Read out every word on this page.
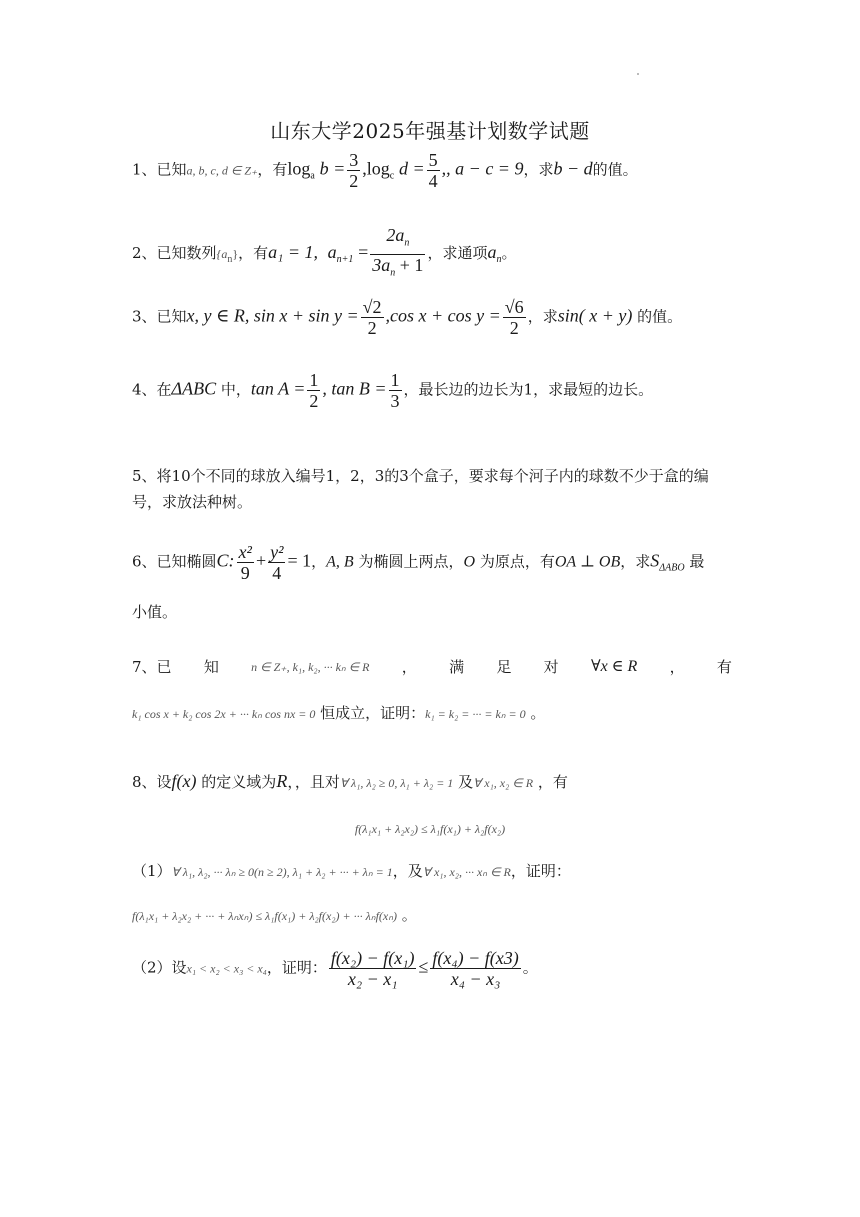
山东大学2025年强基计划数学试题
1、已知a, b, c, d ∈ Z₊，有$\log_a b = \frac{3}{2} ,\log_c$ $d = \frac{5}{4}$ ,, a − c = 9，求b − d的值。
2、已知数列$\{a_n\}$，有a₁ = 1, $a_{n+1} = \frac{2a_n}{3a_n + 1}$ ，求通项$a_n$。
3、已知x, y ∈ R, $\sin x + \sin y = \frac{√2}{2} ,\cos$ $x + \cos y = \frac{√6}{2}$ ，求sin( x + y) 的值。
4、在ΔABC 中，$\tan A = \frac{1}{2}$ , $\tan B = \frac{1}{3}$ ，最长边的边长为1，求最短的边长。
5、将10个不同的球放入编号1，2，3的3个盒子，要求每个河子内的球数不少于盒的编号，求放法种树。
6、已知椭圆C: $\frac{\text{x²}}{9} + \frac{\text{y²}}{4} = 1$，A, B 为椭圆上两点，O 为原点，有OA ⊥ OB，求$S_{\Delta ABO}$ 最
小值。
7、已 知	n ∈ Z₊, k₁, k₂, ··· kₙ ∈ R ， 满 足 对 ∀x ∈ R ， 有
k₁ cos x + k₂ cos 2x + ··· kₙ cos nx = 0 恒成立，证明：k₁ = k₂ = ··· = kₙ = 0 。
8、设f(x) 的定义域为R，，且对∀ λ₁, λ₂ ≥ 0, λ₁ + λ₂ = 1 及∀ x₁, x₂ ∈ R ，有
f(λ₁x₁ + λ₂x₂) ≤ λ₁f(x₁) + λ₂f(x₂)
（1）∀ λ₁, λ₂, ··· λₙ ≥ 0(n ≥ 2), λ₁ + λ₂ + ··· + λₙ = 1，及∀ x₁, x₂, ··· xₙ ∈ R，证明：
f(λ₁x₁ + λ₂x₂ + ··· + λₙxₙ) ≤ λ₁f(x₁) + λ₂f(x₂) + ··· λₙf(xₙ) 。
（2）设x₁ < x₂ < x₃ < x₄，证明： $\frac{\text{f(x₂) − f(x₁)}}{\text{x₂ − x₁}} \le \frac{\text{f(x₄) − f(x3)}}{\text{x₄ − x₃}}$ 。
